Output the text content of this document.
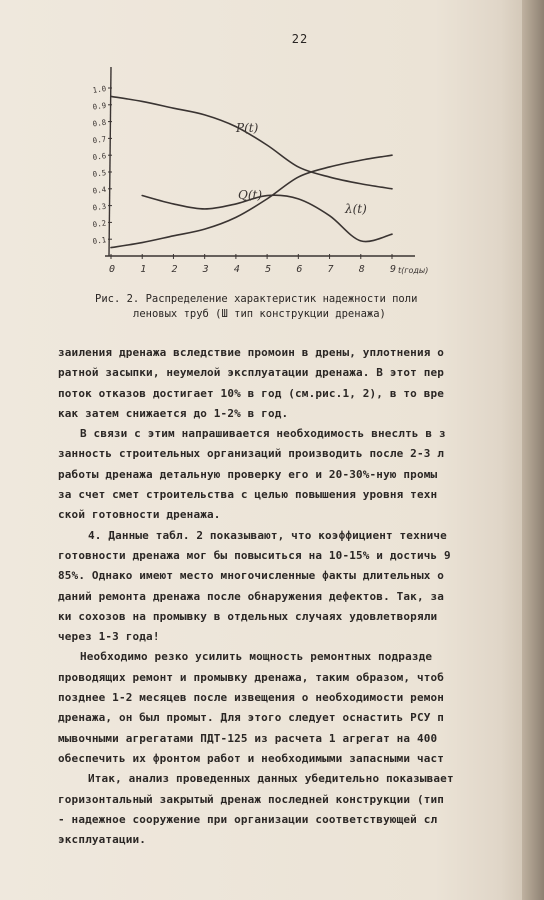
22
1.0
0.9
0.8
0.7
0.6
0.5
0.4
0.3
0.2
0.1
0	1	2	3	4	5	6	7	8	9 t(годы)
P(t)
Q(t)
λ(t)
Рис. 2. Распределение характеристик надежности поли
леновых труб (Ш тип конструкции дренажа)
заиления дренажа вследствие промоин в дрены, уплотнения о
ратной засыпки, неумелой эксплуатации дренажа. В этот пер
поток отказов достигает 10% в год (см.рис.1, 2), в то вре
как затем снижается до 1-2% в год.
В связи с этим напрашивается необходимость внеслть в з
занность строительных организаций производить после 2-3 л
работы дренажа детальную проверку его и 20-30%-ную промы
за счет смет строительства с целью повышения уровня техн
ской готовности дренажа.
4. Данные табл. 2 показывают, что коэффициент техниче
готовности дренажа мог бы повыситься на 10-15% и достичь 9
85%. Однако имеют место многочисленные факты длительных о
даний ремонта дренажа после обнаружения дефектов. Так, за
ки сохозов на промывку в отдельных случаях удовлетворяли
через 1-3 года!
Необходимо резко усилить мощность ремонтных подразде
проводящих ремонт и промывку дренажа, таким образом, чтоб
позднее 1-2 месяцев после извещения о необходимости ремон
дренажа, он был промыт. Для этого следует оснастить РСУ п
мывочными агрегатами ПДТ-125 из расчета 1 агрегат на 400
обеспечить их фронтом работ и необходимыми запасными част
Итак, анализ проведенных данных убедительно показывает
горизонтальный закрытый дренаж последней конструкции (тип
- надежное сооружение при организации соответствующей сл
эксплуатации.
